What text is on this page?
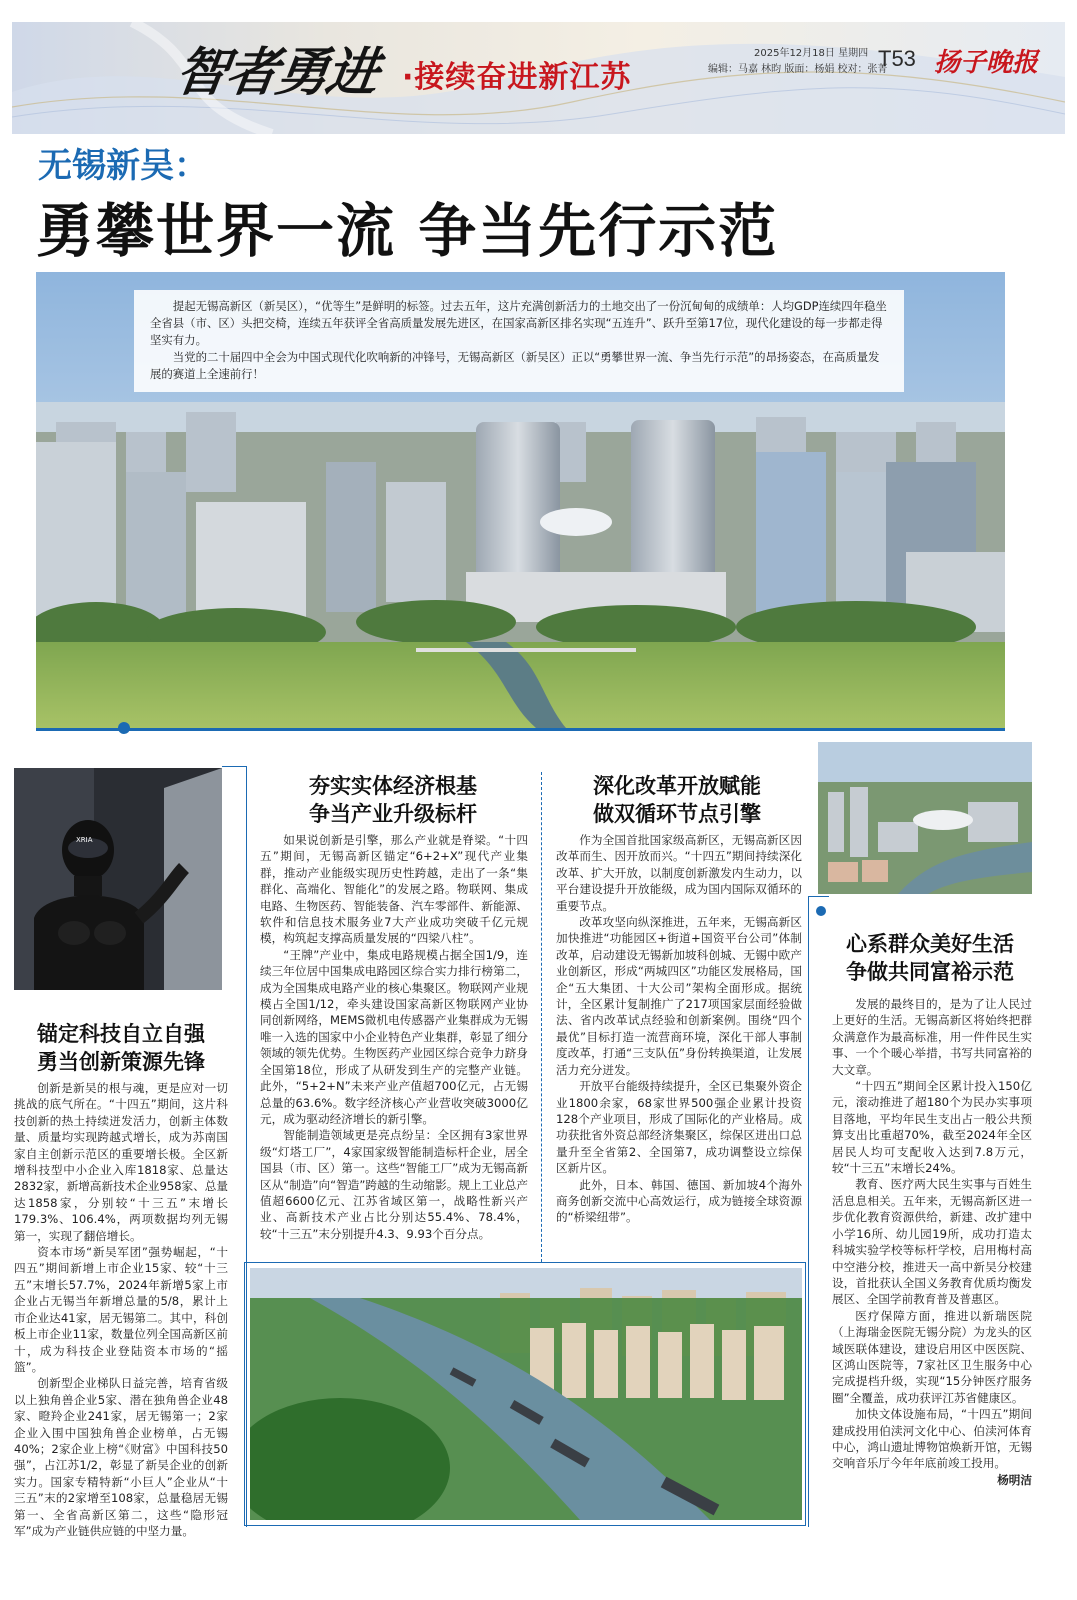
智者勇进 ·接续奋进新江苏
2025年12月18日 星期四
编辑：马嘉 林昀 版面：杨娟 校对：张菁
T53 扬子晚报
无锡新吴：
勇攀世界一流 争当先行示范

提起无锡高新区（新吴区），“优等生”是鲜明的标签。过去五年，这片充满创新活力的土地交出了一份沉甸甸的成绩单：人均GDP连续四年稳坐全省县（市、区）头把交椅，连续五年获评全省高质量发展先进区，在国家高新区排名实现“五连升”、跃升至第17位，现代化建设的每一步都走得坚实有力。

当党的二十届四中全会为中国式现代化吹响新的冲锋号，无锡高新区（新吴区）正以“勇攀世界一流、争当先行示范”的昂扬姿态，在高质量发展的赛道上全速前行！

XRIA
锚定科技自立自强
勇当创新策源先锋

创新是新吴的根与魂，更是应对一切挑战的底气所在。“十四五”期间，这片科技创新的热土持续迸发活力，创新主体数量、质量均实现跨越式增长，成为苏南国家自主创新示范区的重要增长极。全区新增科技型中小企业入库1818家、总量达2832家，新增高新技术企业958家、总量达1858家，分别较“十三五”末增长179.3%、106.4%，两项数据均列无锡第一，实现了翻倍增长。

资本市场“新吴军团”强势崛起，“十四五”期间新增上市企业15家、较“十三五”末增长57.7%，2024年新增5家上市企业占无锡当年新增总量的5/8，累计上市企业达41家，居无锡第二。其中，科创板上市企业11家，数量位列全国高新区前十，成为科技企业登陆资本市场的“摇篮”。

创新型企业梯队日益完善，培育省级以上独角兽企业5家、潜在独角兽企业48家、瞪羚企业241家，居无锡第一；2家企业入围中国独角兽企业榜单，占无锡40%；2家企业上榜“《财富》中国科技50强”，占江苏1/2，彰显了新吴企业的创新实力。国家专精特新“小巨人”企业从“十三五”末的2家增至108家，总量稳居无锡第一、全省高新区第二，这些“隐形冠军”成为产业链供应链的中坚力量。

夯实实体经济根基
争当产业升级标杆

如果说创新是引擎，那么产业就是脊梁。“十四五”期间，无锡高新区锚定“6+2+X”现代产业集群，推动产业能级实现历史性跨越，走出了一条“集群化、高端化、智能化”的发展之路。物联网、集成电路、生物医药、智能装备、汽车零部件、新能源、软件和信息技术服务业7大产业成功突破千亿元规模，构筑起支撑高质量发展的“四梁八柱”。

“王牌”产业中，集成电路规模占据全国1/9，连续三年位居中国集成电路园区综合实力排行榜第二，成为全国集成电路产业的核心集聚区。物联网产业规模占全国1/12，牵头建设国家高新区物联网产业协同创新网络，MEMS微机电传感器产业集群成为无锡唯一入选的国家中小企业特色产业集群，彰显了细分领域的领先优势。生物医药产业园区综合竞争力跻身全国第18位，形成了从研发到生产的完整产业链。此外，“5+2+N”未来产业产值超700亿元，占无锡总量的63.6%。数字经济核心产业营收突破3000亿元，成为驱动经济增长的新引擎。

智能制造领域更是亮点纷呈：全区拥有3家世界级“灯塔工厂”，4家国家级智能制造标杆企业，居全国县（市、区）第一。这些“智能工厂”成为无锡高新区从“制造”向“智造”跨越的生动缩影。规上工业总产值超6600亿元、江苏省域区第一，战略性新兴产业、高新技术产业占比分别达55.4%、78.4%，较“十三五”末分别提升4.3、9.93个百分点。

深化改革开放赋能
做双循环节点引擎

作为全国首批国家级高新区，无锡高新区因改革而生、因开放而兴。“十四五”期间持续深化改革、扩大开放，以制度创新激发内生动力，以平台建设提升开放能级，成为国内国际双循环的重要节点。

改革攻坚向纵深推进，五年来，无锡高新区加快推进“功能园区+街道+国资平台公司”体制改革，启动建设无锡新加坡科创城、无锡中欧产业创新区，形成“两城四区”功能区发展格局，国企“五大集团、十大公司”架构全面形成。据统计，全区累计复制推广了217项国家层面经验做法、省内改革试点经验和创新案例。围绕“四个最优”目标打造一流营商环境，深化干部人事制度改革，打通“三支队伍”身份转换渠道，让发展活力充分迸发。

开放平台能级持续提升，全区已集聚外资企业1800余家，68家世界500强企业累计投资128个产业项目，形成了国际化的产业格局。成功获批省外资总部经济集聚区，综保区进出口总量升至全省第2、全国第7，成功调整设立综保区新片区。

此外，日本、韩国、德国、新加坡4个海外商务创新交流中心高效运行，成为链接全球资源的“桥梁纽带”。

心系群众美好生活
争做共同富裕示范

发展的最终目的，是为了让人民过上更好的生活。无锡高新区将始终把群众满意作为最高标准，用一件件民生实事、一个个暖心举措，书写共同富裕的大文章。

“十四五”期间全区累计投入150亿元，滚动推进了超180个为民办实事项目落地，平均年民生支出占一般公共预算支出比重超70%，截至2024年全区居民人均可支配收入达到7.8万元，较“十三五”末增长24%。

教育、医疗两大民生实事与百姓生活息息相关。五年来，无锡高新区进一步优化教育资源供给，新建、改扩建中小学16所、幼儿园19所，成功打造太科城实验学校等标杆学校，启用梅村高中空港分校，推进天一高中新吴分校建设，首批获认全国义务教育优质均衡发展区、全国学前教育普及普惠区。

医疗保障方面，推进以新瑞医院（上海瑞金医院无锡分院）为龙头的区域医联体建设，建设启用区中医医院、区鸿山医院等，7家社区卫生服务中心完成提档升级，实现“15分钟医疗服务圈”全覆盖，成功获评江苏省健康区。

加快文体设施布局，“十四五”期间建成投用伯渎河文化中心、伯渎河体育中心，鸿山遗址博物馆焕新开馆，无锡交响音乐厅今年年底前竣工投用。

杨明洁
